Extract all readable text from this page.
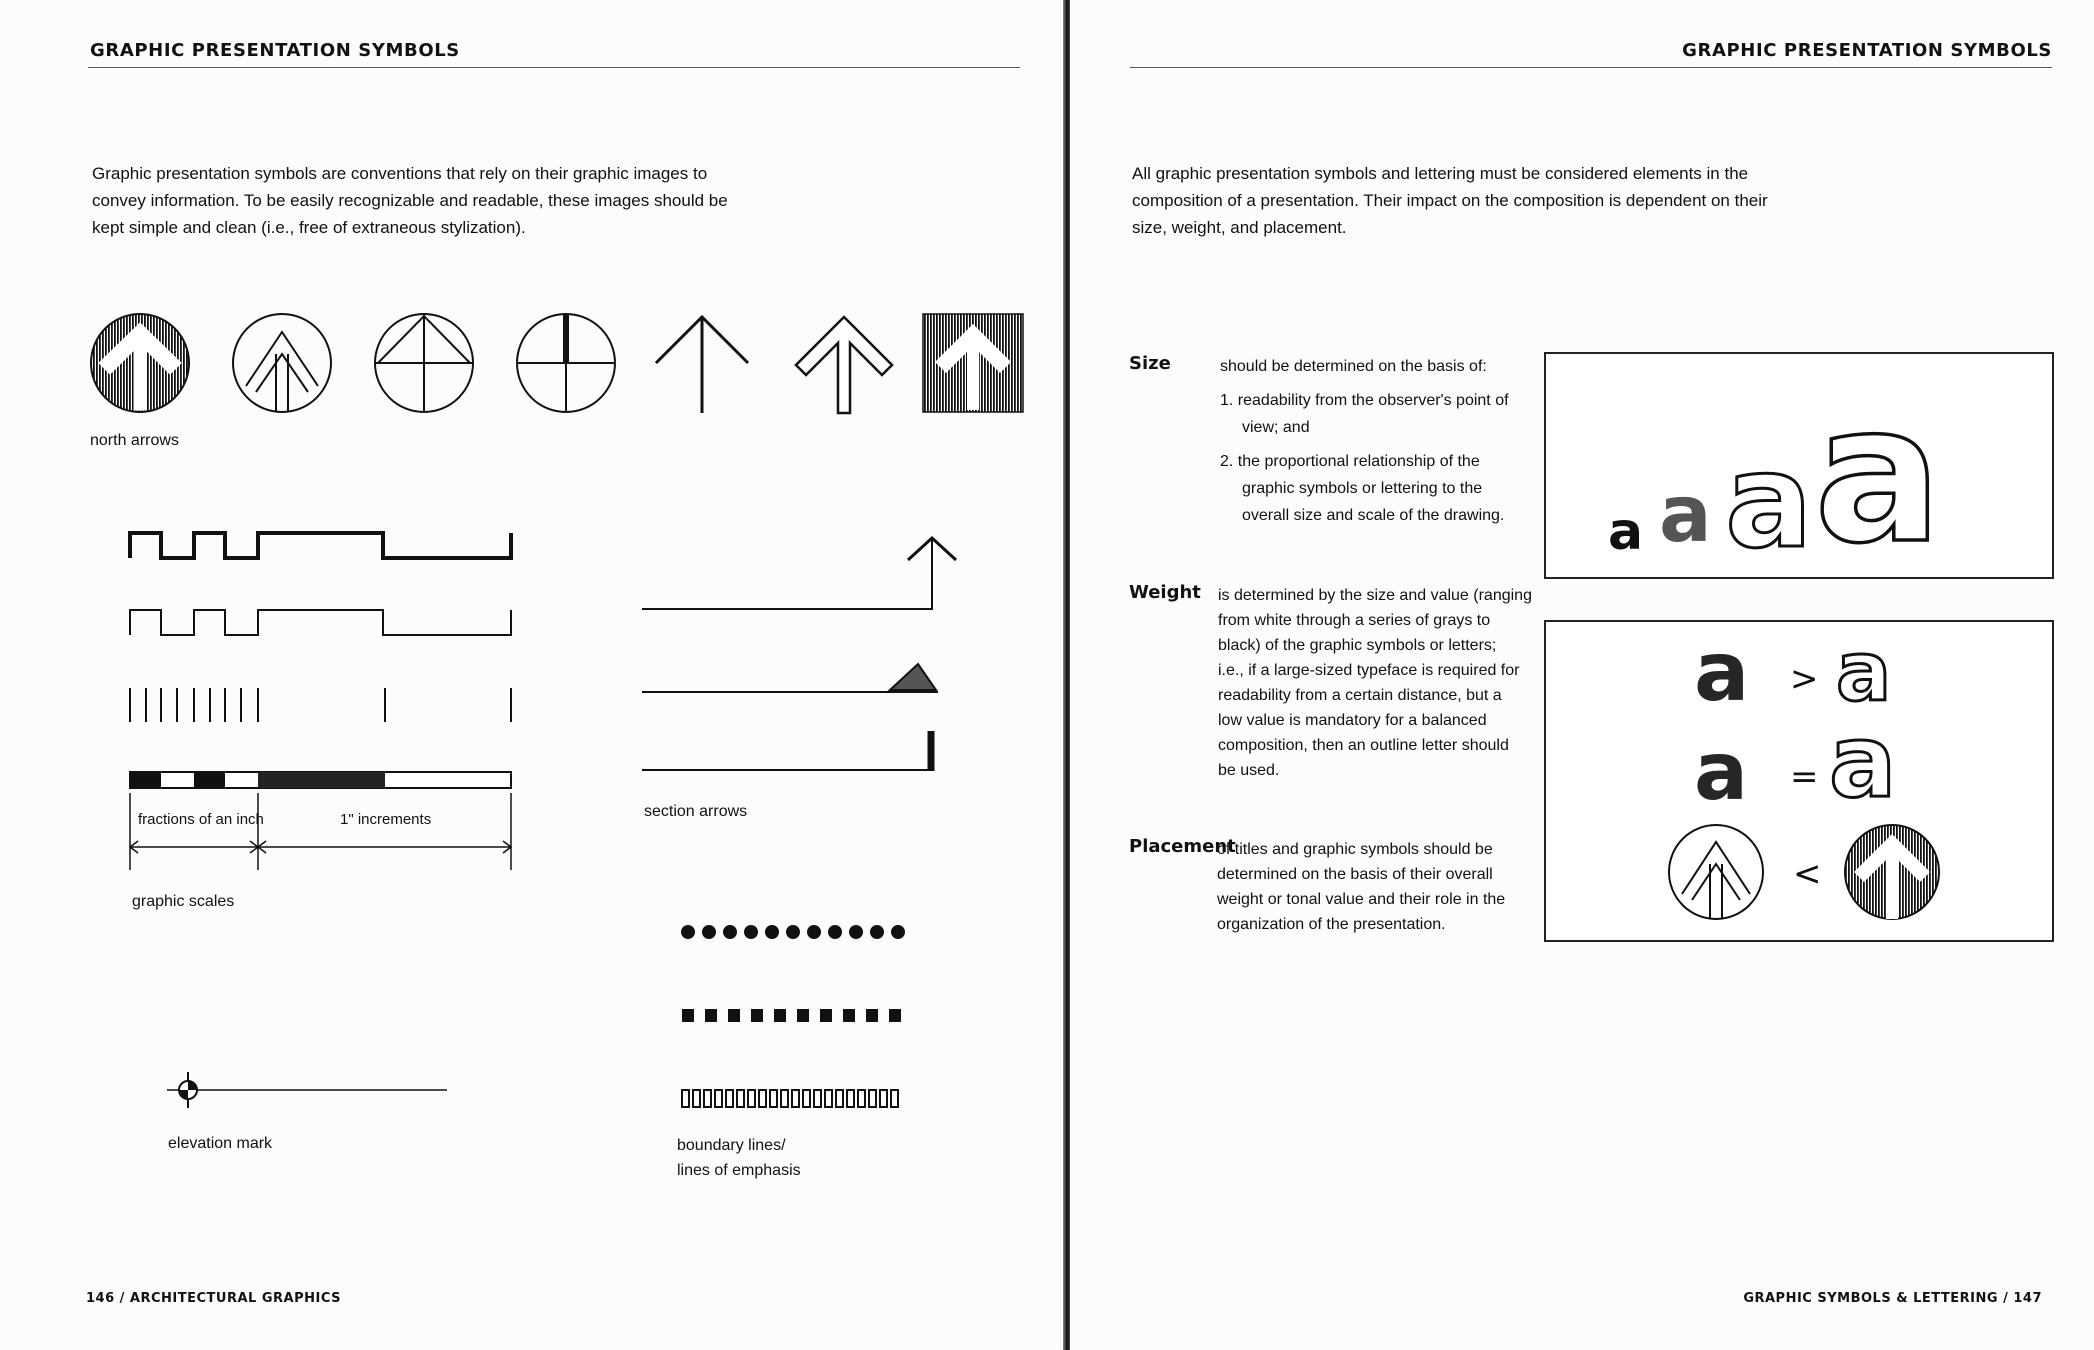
GRAPHIC PRESENTATION SYMBOLS
Graphic presentation symbols are conventions that rely on their graphic images to
convey information. To be easily recognizable and readable, these images should be
kept simple and clean (i.e., free of extraneous stylization).
north arrows
fractions of an inch	1" increments
graphic scales
section arrows
boundary lines/
lines of emphasis
elevation mark
146 / ARCHITECTURAL GRAPHICS
GRAPHIC PRESENTATION SYMBOLS
All graphic presentation symbols and lettering must be considered elements in the
composition of a presentation. Their impact on the composition is dependent on their
size, weight, and placement.
Size	should be determined on the basis of:
1. readability from the observer's point of
view; and
2. the proportional relationship of the
graphic symbols or lettering to the
overall size and scale of the drawing.
Weight is determined by the size and value (ranging
from white through a series of grays to
black) of the graphic symbols or letters;
i.e., if a large-sized typeface is required for
readability from a certain distance, but a
low value is mandatory for a balanced
composition, then an outline letter should
be used.
Placement
of titles and graphic symbols should be
determined on the basis of their overall
weight or tonal value and their role in the
organization of the presentation.
a a a a
a > a
a = a
<
GRAPHIC SYMBOLS & LETTERING / 147
